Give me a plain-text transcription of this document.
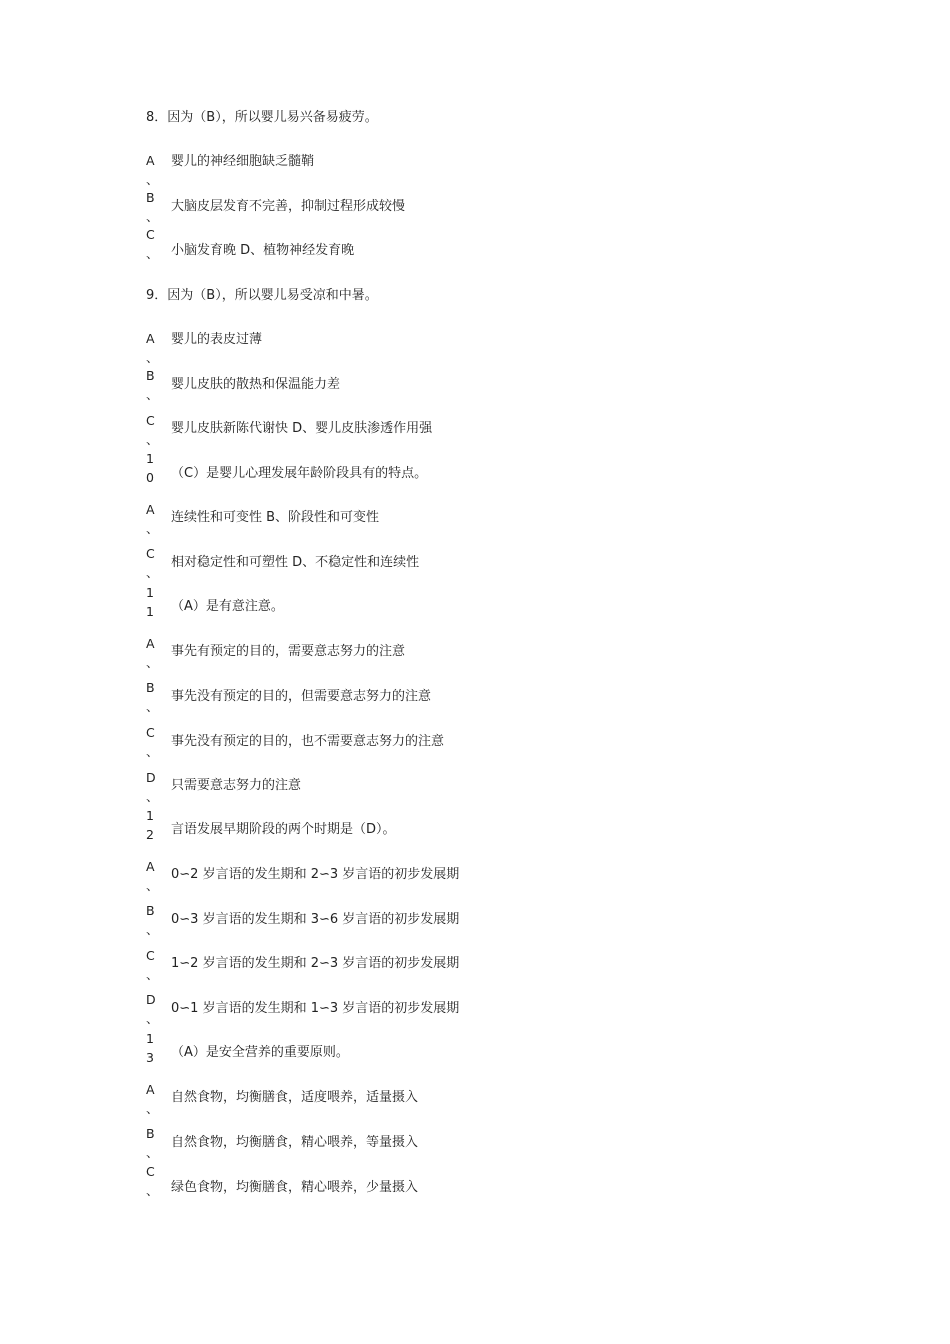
8．因为（B），所以婴儿易兴备易疲劳。
A
、
婴儿的神经细胞缺乏髓鞘
B
、
大脑皮层发育不完善，抑制过程形成较慢
C
、 小脑发育晚 D、植物神经发育晚
9．因为（B），所以婴儿易受凉和中暑。
A
、
婴儿的表皮过薄
B
、
婴儿皮肤的散热和保温能力差
C
、
婴儿皮肤新陈代谢快 D、婴儿皮肤渗透作用强
1
0	（C）是婴儿心理发展年龄阶段具有的特点。
A
、
连续性和可变性 B、阶段性和可变性
C
、
相对稳定性和可塑性 D、不稳定性和连续性
1
1	（A）是有意注意。
A
、
事先有预定的目的，需要意志努力的注意
B
、
事先没有预定的目的，但需要意志努力的注意
C
、
事先没有预定的目的，也不需要意志努力的注意
D
、
只需要意志努力的注意
1
2	言语发展早期阶段的两个时期是（D）。
A
、
0∽2 岁言语的发生期和 2∽3 岁言语的初步发展期
B
、
0∽3 岁言语的发生期和 3∽6 岁言语的初步发展期
C
、
1∽2 岁言语的发生期和 2∽3 岁言语的初步发展期
D
、
0∽1 岁言语的发生期和 1∽3 岁言语的初步发展期
1
3	（A）是安全营养的重要原则。
A
、
自然食物，均衡膳食，适度喂养，适量摄入
B
、
自然食物，均衡膳食，精心喂养，等量摄入
C
、 绿色食物，均衡膳食，精心喂养，少量摄入
